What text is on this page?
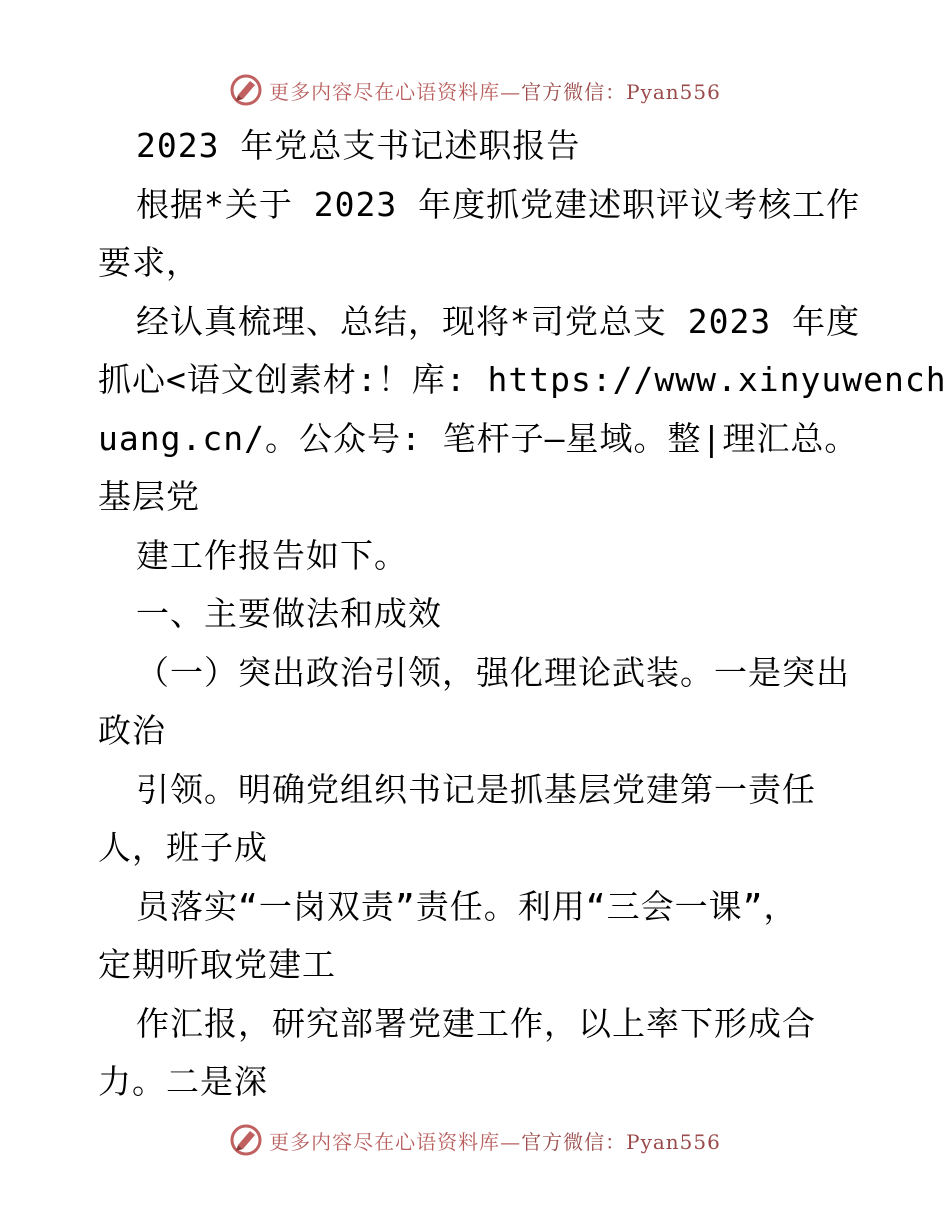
更多内容尽在心语资料库—官方微信：Pyan556
2023 年党总支书记述职报告
根据*关于 2023 年度抓党建述职评议考核工作
要求，
经认真梳理、总结，现将*司党总支 2023 年度
抓心<语文创素材:！库: https://www.xinyuwench
uang.cn/。公众号: 笔杆子—星域。整|理汇总。
基层党
建工作报告如下。
一、主要做法和成效
（一）突出政治引领，强化理论武装。一是突出
政治
引领。明确党组织书记是抓基层党建第一责任
人，班子成
员落实“一岗双责”责任。利用“三会一课”，
定期听取党建工
作汇报，研究部署党建工作，以上率下形成合
力。二是深
更多内容尽在心语资料库—官方微信：Pyan556
